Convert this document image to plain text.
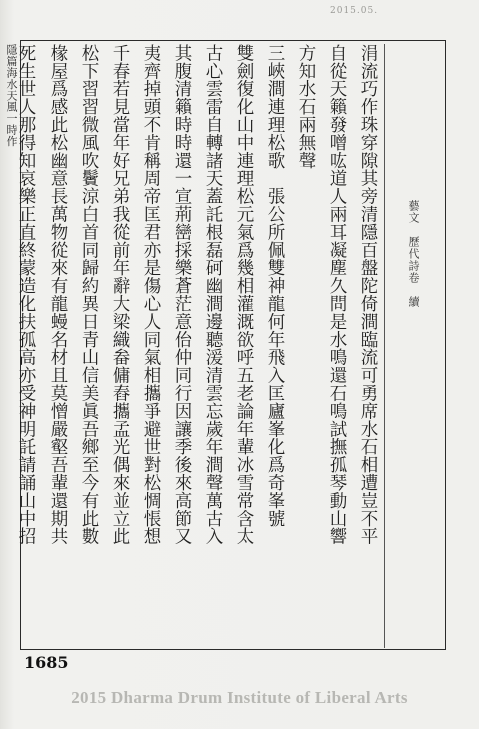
2015.05.
藝文　歷代詩卷　續
涓流巧作珠穿隙其旁清隱百盤陀倚澗臨流可勇席水石相遭豈不平
自從天籟發噌吰道人兩耳凝塵久問是水鳴還石鳴試撫孤琴動山響
方知水石兩無聲
三峽澗連理松歌　張公所佩雙神龍何年飛入匡廬峯化爲奇峯號
雙劍復化山中連理松元氣爲幾相灌溉欲呼五老論年輩冰雪常含太
古心雲雷自轉諸天蓋託根磊砢幽澗邊聽湲清雲忘歲年澗聲萬古入
其腹清籟時時還一宣荊巒採樂蒼茫意佁仲同行因讓季後來高節又
夷齊掉頭不肯稱周帝匡君亦是傷心人同氣相攜爭避世對松惆悵想
千春若見當年好兄弟我從前年辭大梁織畚傭舂攜孟光偶來並立此
松下習習微風吹鬢涼白首同歸約異日青山信美眞吾鄉至今有此數
椽屋爲感此松幽意長萬物從來有龍蟃名材且莫憎嚴壑吾輩還期共
死生世人那得知哀樂正直終蒙造化扶孤高亦受神明託請誦山中招
1685
2015 Dharma Drum Institute of Liberal Arts
隱篇海水天風一時作
